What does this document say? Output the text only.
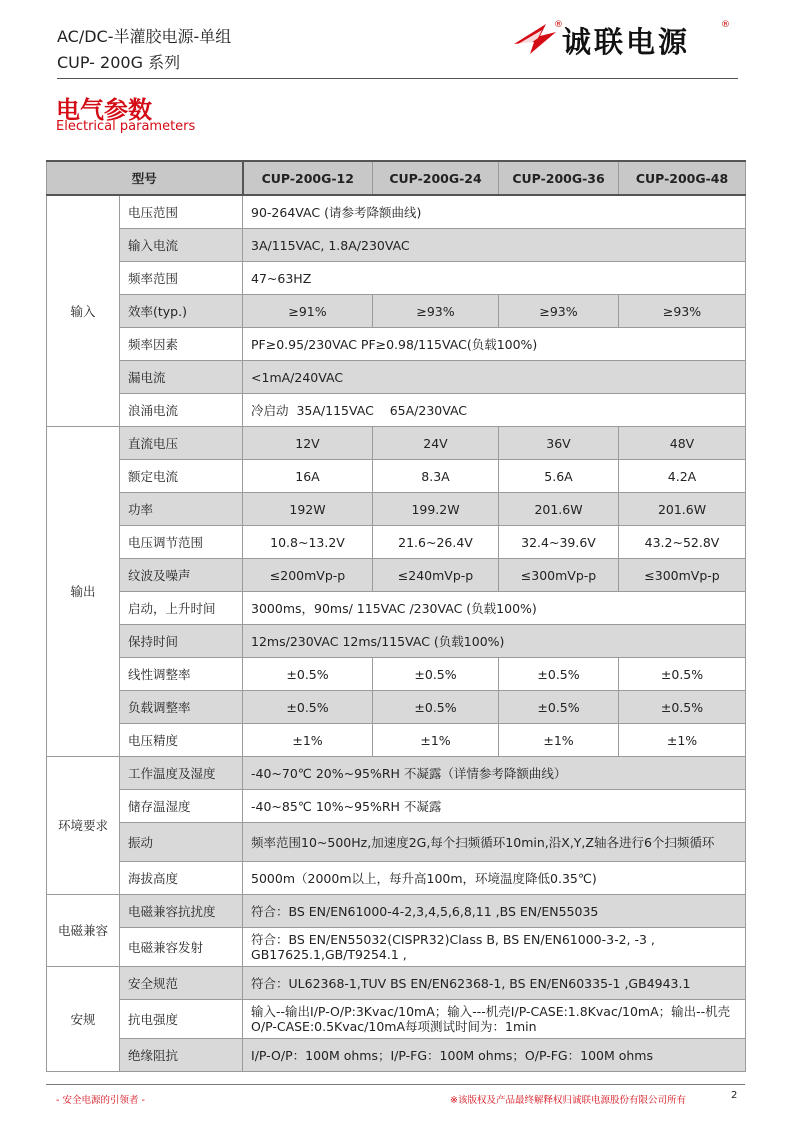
AC/DC-半灌胶电源-单组
CUP- 200G 系列
® 诚联电源	®
电气参数
Electrical parameters
型号		CUP-200G-12	CUP-200G-24	CUP-200G-36	CUP-200G-48
输入	电压范围	90-264VAC (请参考降额曲线)			
	输入电流	3A/115VAC, 1.8A/230VAC			
	频率范围	47~63HZ			
	效率(typ.)	≥91%	≥93%	≥93%	≥93%
	频率因素	PF≥0.95/230VAC PF≥0.98/115VAC(负载100%)			
	漏电流	<1mA/240VAC			
	浪涌电流	冷启动  35A/115VAC    65A/230VAC			
输出	直流电压	12V	24V	36V	48V
	额定电流	16A	8.3A	5.6A	4.2A
	功率	192W	199.2W	201.6W	201.6W
	电压调节范围	10.8~13.2V	21.6~26.4V	32.4~39.6V	43.2~52.8V
	纹波及噪声	≤200mVp-p	≤240mVp-p	≤300mVp-p	≤300mVp-p
	启动，上升时间	3000ms，90ms/ 115VAC /230VAC (负载100%)			
	保持时间	12ms/230VAC 12ms/115VAC (负载100%)			
	线性调整率	±0.5%	±0.5%	±0.5%	±0.5%
	负载调整率	±0.5%	±0.5%	±0.5%	±0.5%
	电压精度	±1%	±1%	±1%	±1%
环境要求	工作温度及湿度	-40~70℃ 20%~95%RH 不凝露（详情参考降额曲线）			
	储存温湿度	-40~85℃ 10%~95%RH 不凝露			
	振动	频率范围10~500Hz,加速度2G,每个扫频循环10min,沿X,Y,Z轴各进行6个扫频循环			
	海拔高度	5000m（2000m以上，每升高100m，环境温度降低0.35℃)			
电磁兼容	电磁兼容抗扰度	符合：BS EN/EN61000-4-2,3,4,5,6,8,11 ,BS EN/EN55035			
	电磁兼容发射	符合：BS EN/EN55032(CISPR32)Class B, BS EN/EN61000-3-2, -3 , GB17625.1,GB/T9254.1 ,			
安规	安全规范	符合：UL62368-1,TUV BS EN/EN62368-1, BS EN/EN60335-1 ,GB4943.1			
	抗电强度	输入--输出I/P-O/P:3Kvac/10mA；输入---机壳I/P-CASE:1.8Kvac/10mA；输出--机壳O/P-CASE:0.5Kvac/10mA每项测试时间为：1min			
	绝缘阻抗	I/P-O/P：100M ohms；I/P-FG：100M ohms；O/P-FG：100M ohms			
- 安全电源的引领者 -	※该版权及产品最终解释权归诚联电源股份有限公司所有	2
